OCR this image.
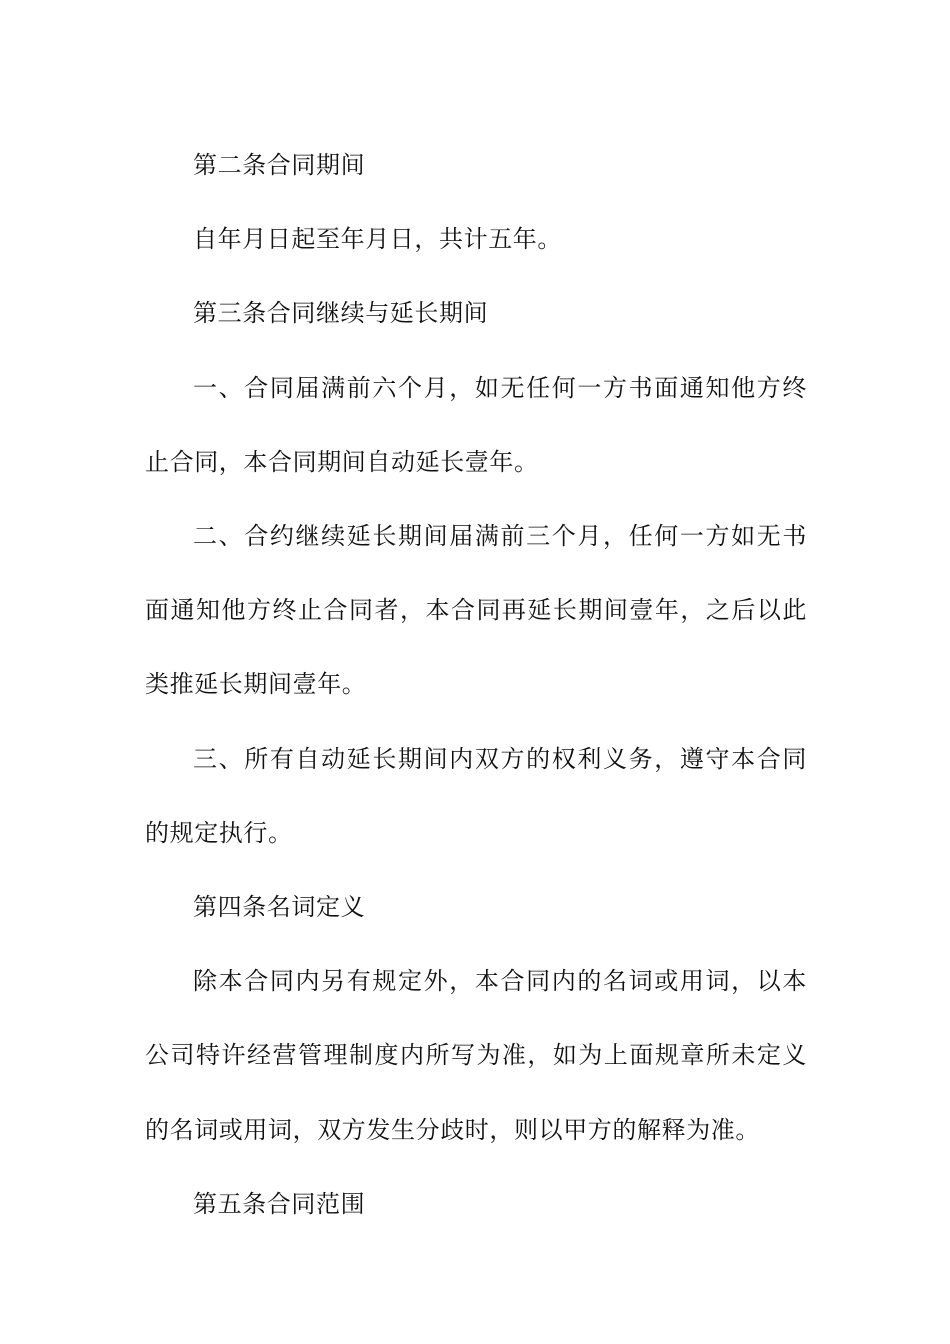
第二条合同期间

自年月日起至年月日，共计五年。

第三条合同继续与延长期间

一、合同届满前六个月，如无任何一方书面通知他方终止合同，本合同期间自动延长壹年。

二、合约继续延长期间届满前三个月，任何一方如无书面通知他方终止合同者，本合同再延长期间壹年，之后以此类推延长期间壹年。

三、所有自动延长期间内双方的权利义务，遵守本合同的规定执行。

第四条名词定义

除本合同内另有规定外，本合同内的名词或用词，以本公司特许经营管理制度内所写为准，如为上面规章所未定义的名词或用词，双方发生分歧时，则以甲方的解释为准。

第五条合同范围
